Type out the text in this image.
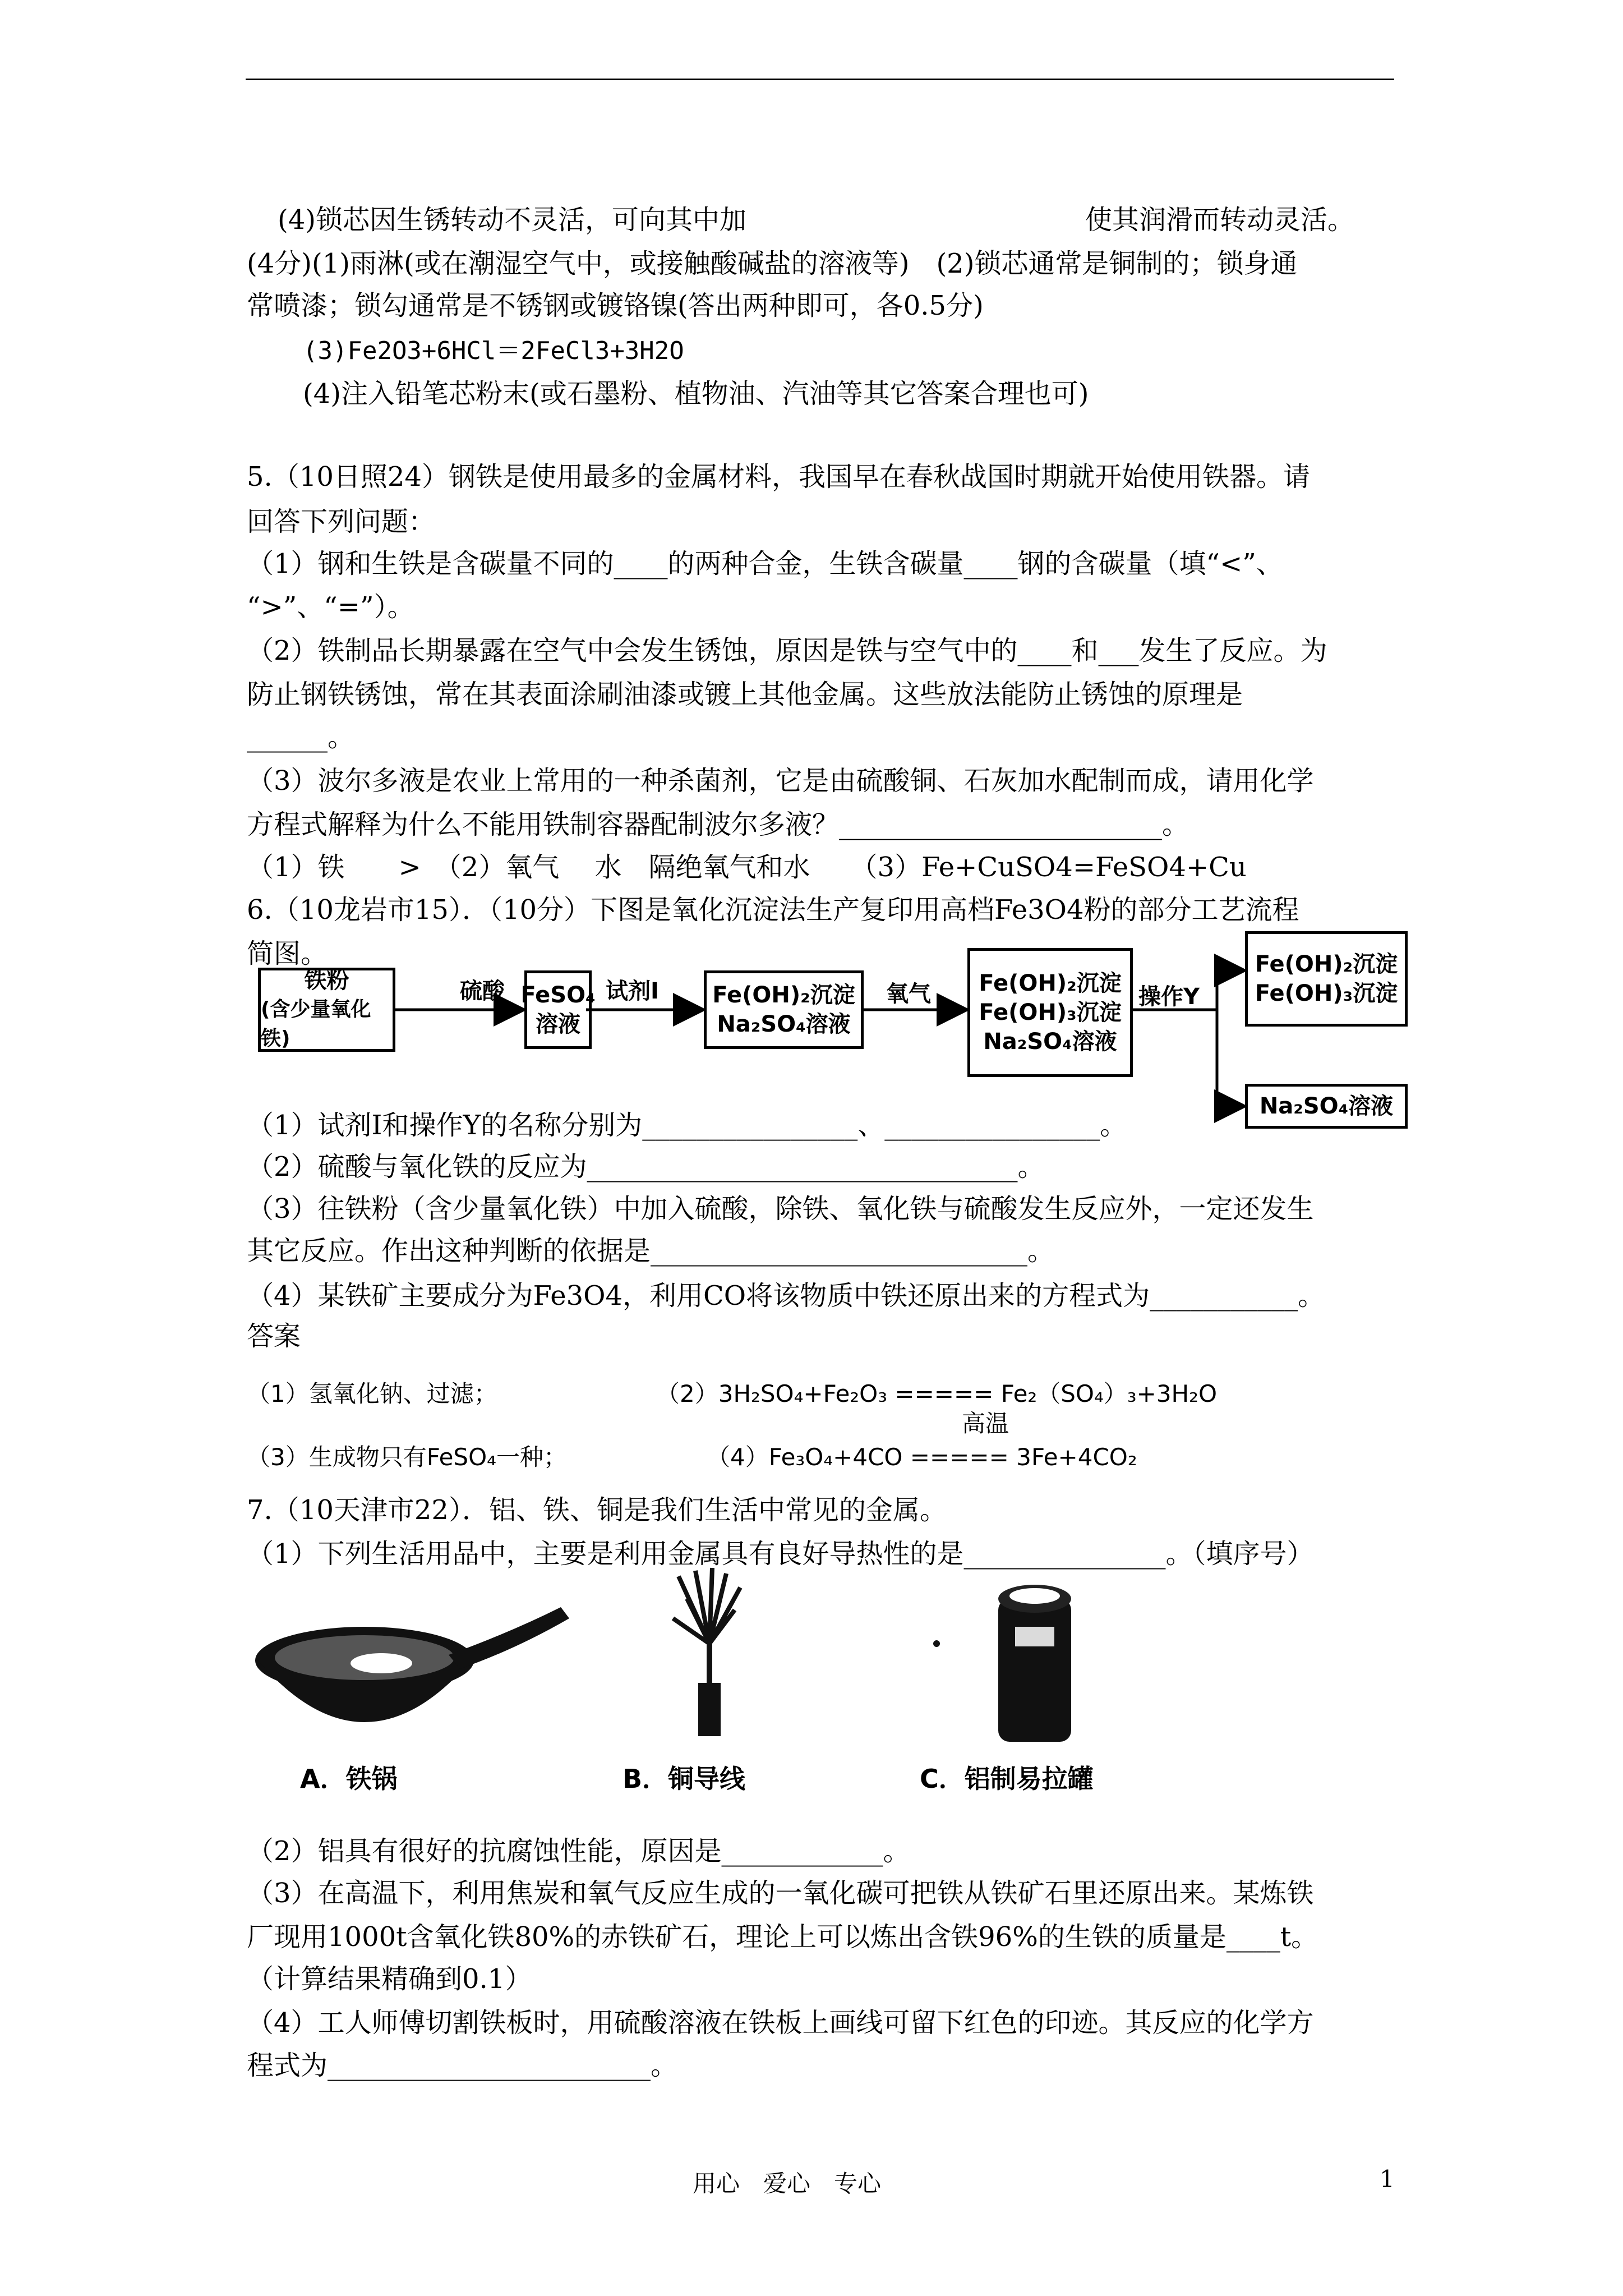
(4)锁芯因生锈转动不灵活，可向其中加	使其润滑而转动灵活。
(4分)(1)雨淋(或在潮湿空气中，或接触酸碱盐的溶液等)　(2)锁芯通常是铜制的；锁身通
常喷漆；锁勾通常是不锈钢或镀铬镍(答出两种即可，各0.5分)
(3)Fe2O3+6HCl＝2FeCl3+3H2O
(4)注入铅笔芯粉末(或石墨粉、植物油、汽油等其它答案合理也可)
5.（10日照24）钢铁是使用最多的金属材料，我国早在春秋战国时期就开始使用铁器。请
回答下列问题：
（1）钢和生铁是含碳量不同的____的两种合金，生铁含碳量____钢的含碳量（填“<”、
“>”、“=”）。
（2）铁制品长期暴露在空气中会发生锈蚀，原因是铁与空气中的____和___发生了反应。为
防止钢铁锈蚀，常在其表面涂刷油漆或镀上其他金属。这些放法能防止锈蚀的原理是
______。
（3）波尔多液是农业上常用的一种杀菌剂，它是由硫酸铜、石灰加水配制而成，请用化学
方程式解释为什么不能用铁制容器配制波尔多液？________________________。
（1）铁　　>　（2）氧气　 水　隔绝氧气和水　　（3）Fe+CuSO4=FeSO4+Cu
6.（10龙岩市15）．（10分）下图是氧化沉淀法生产复印用高档Fe3O4粉的部分工艺流程
简图。
铁粉
(含少量氧化铁)
硫酸 FeSO₄
溶液
试剂Ⅰ Fe(OH)₂沉淀
Na₂SO₄溶液
氧气 Fe(OH)₂沉淀
Fe(OH)₃沉淀
Na₂SO₄溶液
操作Y
Fe(OH)₂沉淀
Fe(OH)₃沉淀
Na₂SO₄溶液
（1）试剂Ⅰ和操作Y的名称分别为________________、________________。
（2）硫酸与氧化铁的反应为________________________________。
（3）往铁粉（含少量氧化铁）中加入硫酸，除铁、氧化铁与硫酸发生反应外，一定还发生
其它反应。作出这种判断的依据是____________________________。
（4）某铁矿主要成分为Fe3O4，利用CO将该物质中铁还原出来的方程式为___________。
答案
（1）氢氧化钠、过滤；	（2）3H₂SO₄+Fe₂O₃ ===== Fe₂（SO₄）₃+3H₂O
高温
（3）生成物只有FeSO₄一种；	（4）Fe₃O₄+4CO ===== 3Fe+4CO₂
7.（10天津市22）．铝、铁、铜是我们生活中常见的金属。
（1）下列生活用品中，主要是利用金属具有良好导热性的是_______________。（填序号）
A．铁锅	B．铜导线	C．铝制易拉罐
（2）铝具有很好的抗腐蚀性能，原因是____________。
（3）在高温下，利用焦炭和氧气反应生成的一氧化碳可把铁从铁矿石里还原出来。某炼铁
厂现用1000t含氧化铁80%的赤铁矿石，理论上可以炼出含铁96%的生铁的质量是____t。
（计算结果精确到0.1）
（4）工人师傅切割铁板时，用硫酸溶液在铁板上画线可留下红色的印迹。其反应的化学方
程式为________________________。
用心　爱心　专心	1
